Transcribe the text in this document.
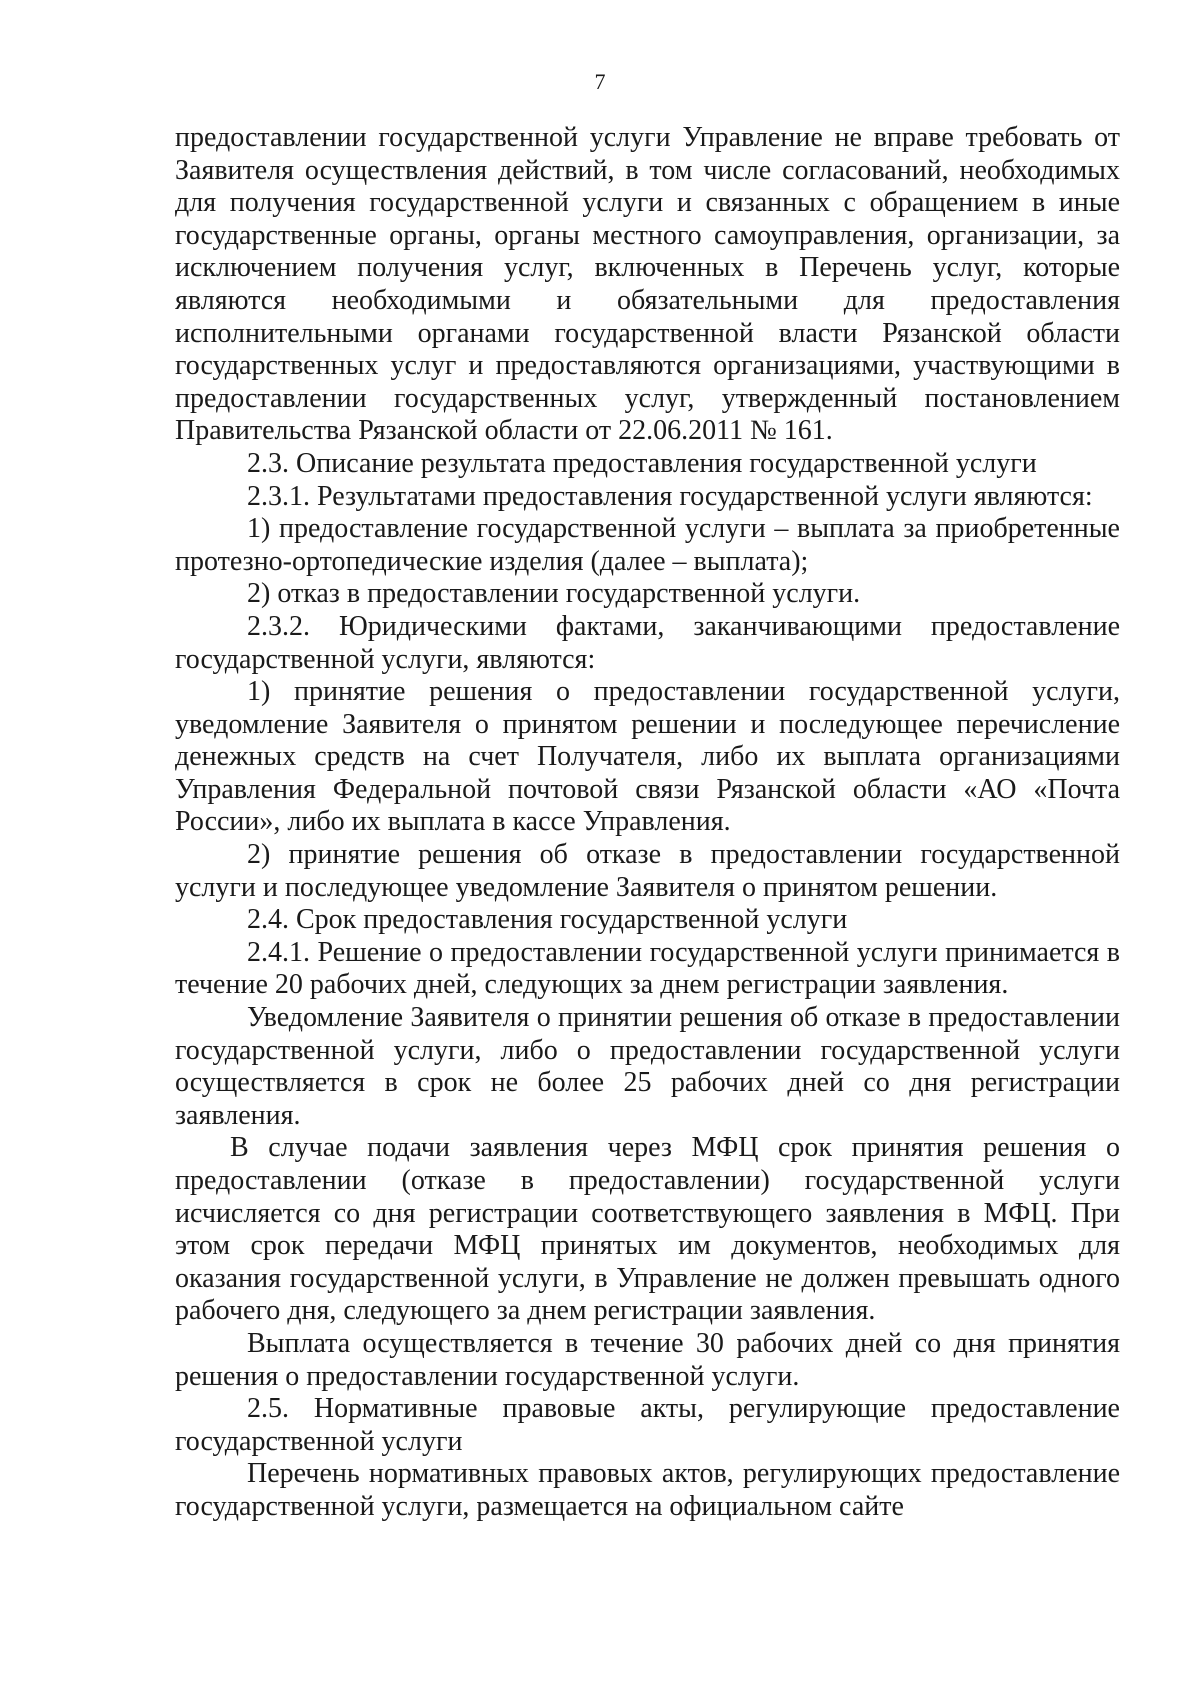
7

предоставлении государственной услуги Управление не вправе требовать от Заявителя осуществления действий, в том числе согласований, необходимых для получения государственной услуги и связанных с обращением в иные государственные органы, органы местного самоуправления, организации, за исключением получения услуг, включенных в Перечень услуг, которые являются необходимыми и обязательными для предоставления исполнительными органами государственной власти Рязанской области государственных услуг и предоставляются организациями, участвующими в предоставлении государственных услуг, утвержденный постановлением Правительства Рязанской области от 22.06.2011 № 161.

2.3. Описание результата предоставления государственной услуги

2.3.1. Результатами предоставления государственной услуги являются:

1) предоставление государственной услуги – выплата за приобретенные протезно-ортопедические изделия (далее – выплата);

2) отказ в предоставлении государственной услуги.

2.3.2. Юридическими фактами, заканчивающими предоставление государственной услуги, являются:

1) принятие решения о предоставлении государственной услуги, уведомление Заявителя о принятом решении и последующее перечисление денежных средств на счет Получателя, либо их выплата организациями Управления Федеральной почтовой связи Рязанской области «АО «Почта России», либо их выплата в кассе Управления.

2) принятие решения об отказе в предоставлении государственной услуги и последующее уведомление Заявителя о принятом решении.

2.4. Срок предоставления государственной услуги

2.4.1. Решение о предоставлении государственной услуги принимается в течение 20 рабочих дней, следующих за днем регистрации заявления.

Уведомление Заявителя о принятии решения об отказе в предоставлении государственной услуги, либо о предоставлении государственной услуги осуществляется в срок не более 25 рабочих дней со дня регистрации заявления.

В случае подачи заявления через МФЦ срок принятия решения о предоставлении (отказе в предоставлении) государственной услуги исчисляется со дня регистрации соответствующего заявления в МФЦ. При этом срок передачи МФЦ принятых им документов, необходимых для оказания государственной услуги, в Управление не должен превышать одного рабочего дня, следующего за днем регистрации заявления.

Выплата осуществляется в течение 30 рабочих дней со дня принятия решения о предоставлении государственной услуги.

2.5. Нормативные правовые акты, регулирующие предоставление государственной услуги

Перечень нормативных правовых актов, регулирующих предоставление государственной услуги, размещается на официальном сайте
